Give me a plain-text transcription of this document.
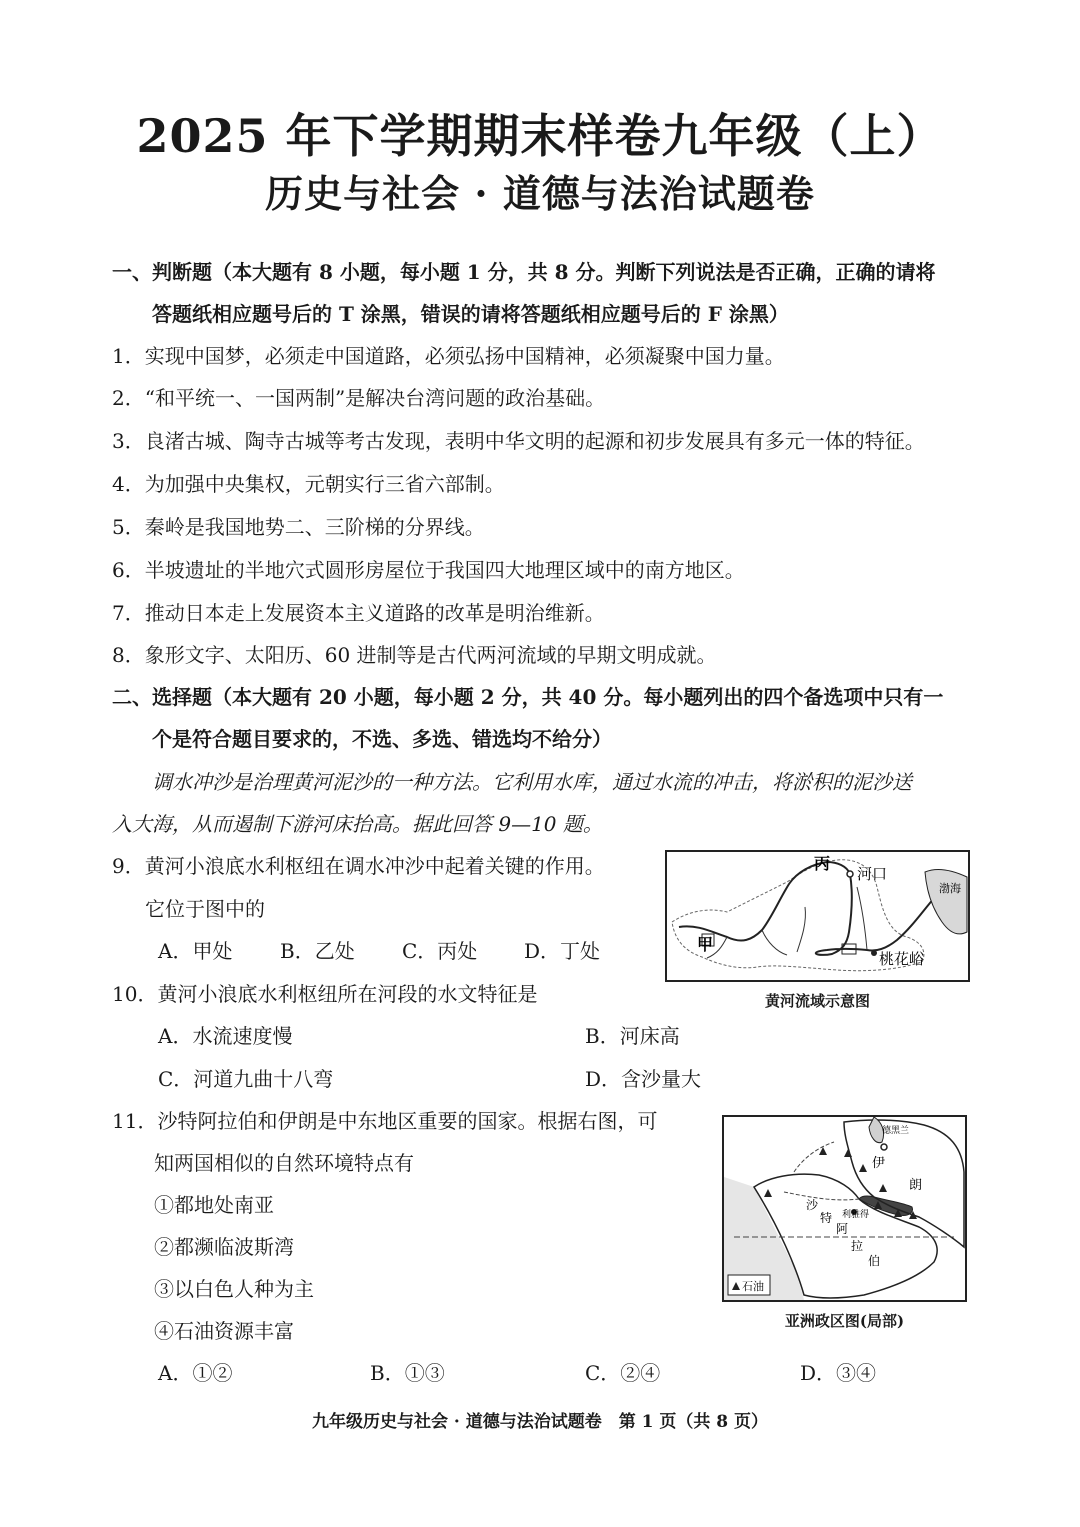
2025 年下学期期末样卷九年级（上）
历史与社会 · 道德与法治试题卷
一、判断题（本大题有 8 小题，每小题 1 分，共 8 分。判断下列说法是否正确，正确的请将
答题纸相应题号后的 T 涂黑，错误的请将答题纸相应题号后的 F 涂黑）
1．实现中国梦，必须走中国道路，必须弘扬中国精神，必须凝聚中国力量。
2．“和平统一、一国两制”是解决台湾问题的政治基础。
3．良渚古城、陶寺古城等考古发现，表明中华文明的起源和初步发展具有多元一体的特征。
4．为加强中央集权，元朝实行三省六部制。
5．秦岭是我国地势二、三阶梯的分界线。
6．半坡遗址的半地穴式圆形房屋位于我国四大地理区域中的南方地区。
7．推动日本走上发展资本主义道路的改革是明治维新。
8．象形文字、太阳历、60 进制等是古代两河流域的早期文明成就。
二、选择题（本大题有 20 小题，每小题 2 分，共 40 分。每小题列出的四个备选项中只有一
个是符合题目要求的，不选、多选、错选均不给分）
调水冲沙是治理黄河泥沙的一种方法。它利用水库，通过水流的冲击，将淤积的泥沙送
入大海，从而遏制下游河床抬高。据此回答 9—10 题。
9．黄河小浪底水利枢纽在调水冲沙中起着关键的作用。
它位于图中的
A．甲处 B．乙处 C．丙处 D．丁处
丙
河口
甲
桃花峪
渤海
黄河流域示意图
10．黄河小浪底水利枢纽所在河段的水文特征是
A．水流速度慢	B．河床高
C．河道九曲十八弯	D．含沙量大
11．沙特阿拉伯和伊朗是中东地区重要的国家。根据右图，可
知两国相似的自然环境特点有
①都地处南亚
②都濒临波斯湾
③以白色人种为主
④石油资源丰富
A．①②	B．①③	C．②④	D．③④
德黑兰
伊
朗
沙
特 利雅得
阿
拉
伯
石油
亚洲政区图(局部)
九年级历史与社会 · 道德与法治试题卷　第 1 页（共 8 页）
